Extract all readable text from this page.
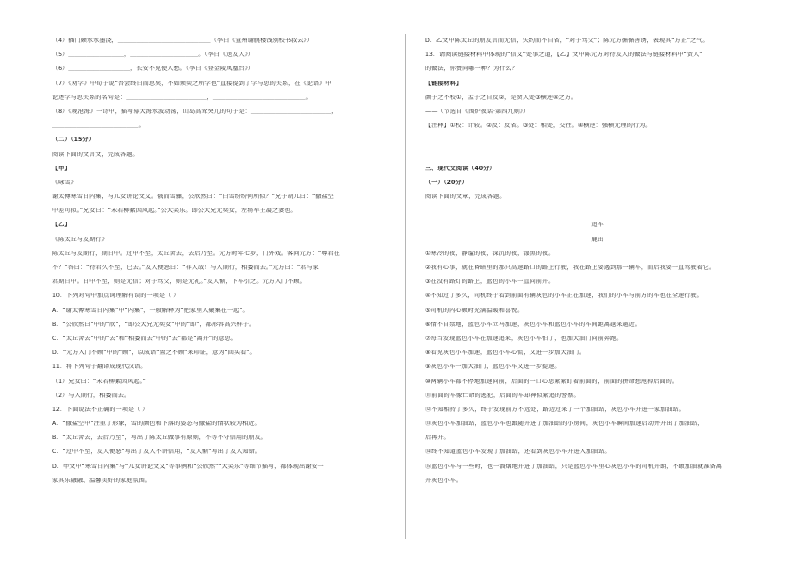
（4）插门颇水水墨浇，＿＿＿＿＿＿＿＿＿＿＿＿＿＿＿（李白《宣州谢朓楼饯别校书叔云》）
（5）＿＿＿＿＿＿＿＿＿，＿＿＿＿＿＿＿＿＿＿＿。（李白《送友人》）
（6）＿＿＿＿＿＿＿＿＿＿，长安不见使人愁。（李白《登金陵凤凰台》）
（7）《劝学》中荀子说“吾尝终日而思矣，不如须臾之所学也”直接提到了学与思的关系，在《论语》中
论述学与思关系的名句是：＿＿＿＿＿＿＿＿＿＿＿＿＿，＿＿＿＿＿＿＿＿＿＿＿＿＿＿＿。
（8）《观沧海》一诗中，描写幕大海水波动荡，山岛高耸突兀的句子是：＿＿＿＿＿＿＿＿＿＿＿＿＿，
＿＿＿＿＿＿＿＿＿＿＿＿＿＿。
（二）（15分）
阅读下面的文言文，完成各题。
【甲】
《咏雪》
谢太傅寒雪日内集，与儿女讲论文义。俄而雪骤，公欣然曰：“白雪纷纷何所似？”兄子胡儿曰：“撒盐空
中差可拟。”兄女曰：“未若柳絮因风起。”公大笑乐。即公大兄无奕女，左将军王凝之妻也。
【乙】
《陈太丘与友期行》
陈太丘与友期行，期日中。过中不至，太丘舍去，去后乃至。元方时年七岁，门外戏。客问元方：“尊君在
不？”答曰：“待君久不至，已去。”友人便怒曰：“非人哉！与人期行，相委而去。”元方曰：“君与家
君期日中。日中不至，则是无信；对子骂父，则是无礼。”友人惭，下车引之。元方入门不顾。
10．下列对句中加点词理解有误的一项是（ ）
A．“谢太傅寒雪日内集”中“内集”，一般解释为“把家里人聚集在一起”。
B．“公欣然曰”中的“欣”，“即公大兄无奕女”中的“即”，都形容高兴样子。
C．“太丘舍去”中的“去”和“相委而去”中的“去”都是“离开”的意思。
D．“元方入门不顾”中的“顾”，以成语“置之不顾”来印证，意为“回头看”。
11．将下列句子翻译成现代汉语。
（1）兄女曰：“未若柳絮因风起。”
（2）与人期行，相委而去。
12．下面说法不正确的一项是（ ）
A．“撒盐空中”注重了形象，雪的颜色和下落的姿态与撒盐的情状较为相近。
B．“太丘舍去，去后乃至”，写出了陈太丘做事有原则，不等不守信用的朋友。
C．“过中不至，友人便怒”写出了友人不讲信用，“友人惭”写出了友人知错。
D．甲文中“寒雪日内集”与“儿女讲论文义”等事例和“公欣然”“大笑乐”等细节描写，都体现出谢安一
家其乐融融、温馨美好的家庭氛围。
D．乙文中陈太丘的朋友言而无信，失约而不自省，“对子骂父”；陈元方循循善诱，表现其“方正”之气。
13．请阅读链接材料中体现的“信义”处事之道，【乙】文中陈元方对待友人的做法与链接材料中“贾人”
的做法，你赞同哪一种？为什么？
【链接材料】
颜子之不校①，孟子之自反②，是贤人处③横逆④之方。
——（节选自《围炉夜话·第四九则》）
【注释】①校：计较。②反：反省。③处：相处，交往。④横逆：强横无理的行为。
三、现代文阅读（40分）
（一）（20分）
阅读下面的文章，完成各题。
追车
鹿茁
①寒冷的夜，静谧的夜，深沉的夜，漆黑的夜。
②我有心事，就在昏暗里的那只高速路口的路上行驶，我在路上要遇到那一辆车，而后我要一直驾驶着它。
③在没有路灯的路上，蓝色的小车一直向前开。
④不知过了多久，司机终于看到前面有辆灰色的小车正在加速，我们的小车与前方的车也在全速行驶。
⑤司机的内心顿时充满温暖和喜悦。
⑥情不自禁地，蓝色小车立马加速，灰色小车和蓝色小车的车间距离越来越近。
⑦每当发现蓝色小车在加速追来，灰色小车怕了，也加大油门向前奔跑。
⑧看见灰色小车加速，蓝色小车心慌，又进一步加大油门。
⑨灰色小车一加大油门，蓝色小车又进一步提速。
⑩两辆小车都不停地加速向前，后面的一口心思紧紧盯着前面的，前面的拼命想甩掉后面的。
⑪前面的车像亡命的逃犯，后面的车却神似紧追的警察。
⑫不知相持了多久，终于发现前方不远处，路边过来了一个加油站，灰色小车开进一家加油站。
⑬灰色小车加油站，蓝色小车也跟随开进了加油站的小房间，灰色小车瞬间加速启动并开出了加油站，
后再开。
⑭终不知道蓝色小车发现了加油站，还看到灰色小车开进入加油站。
⑮蓝色小车与一些时，也一溜烟地开进了加油站，只是蓝色小车里心灰色小车的司机开朗，不敢加油就准备离
开灰色小车。
